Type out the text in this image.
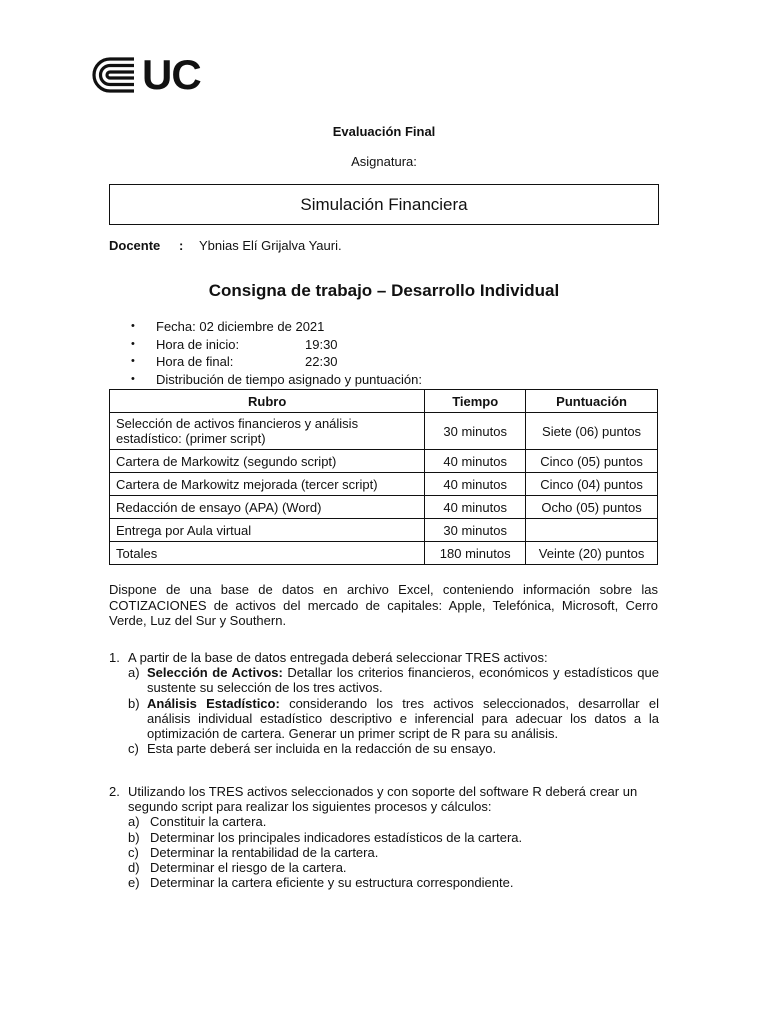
UC
Evaluación Final
Asignatura:
Simulación Financiera
Docente : Ybnias Elí Grijalva Yauri.
Consigna de trabajo – Desarrollo Individual
• Fecha: 02 diciembre de 2021
• Hora de inicio:	19:30
• Hora de final:	22:30
• Distribución de tiempo asignado y puntuación:
Rubro	Tiempo	Puntuación
Selección de activos financieros y análisis estadístico: (primer script)	30 minutos	Siete (06) puntos
Cartera de Markowitz (segundo script)	40 minutos	Cinco (05) puntos
Cartera de Markowitz mejorada (tercer script)	40 minutos	Cinco (04) puntos
Redacción de ensayo (APA) (Word)	40 minutos	Ocho (05) puntos
Entrega por Aula virtual	30 minutos	
Totales	180 minutos	Veinte (20) puntos
Dispone de una base de datos en archivo Excel, conteniendo información sobre las COTIZACIONES de activos del mercado de capitales: Apple, Telefónica, Microsoft, Cerro Verde, Luz del Sur y Southern.
1. A partir de la base de datos entregada deberá seleccionar TRES activos:
a) Selección de Activos: Detallar los criterios financieros, económicos y estadísticos que sustente su selección de los tres activos.
b) Análisis Estadístico: considerando los tres activos seleccionados, desarrollar el análisis individual estadístico descriptivo e inferencial para adecuar los datos a la optimización de cartera. Generar un primer script de R para su análisis.
c) Esta parte deberá ser incluida en la redacción de su ensayo.
2. Utilizando los TRES activos seleccionados y con soporte del software R deberá crear un segundo script para realizar los siguientes procesos y cálculos:
a) Constituir la cartera.
b) Determinar los principales indicadores estadísticos de la cartera.
c) Determinar la rentabilidad de la cartera.
d) Determinar el riesgo de la cartera.
e) Determinar la cartera eficiente y su estructura correspondiente.
